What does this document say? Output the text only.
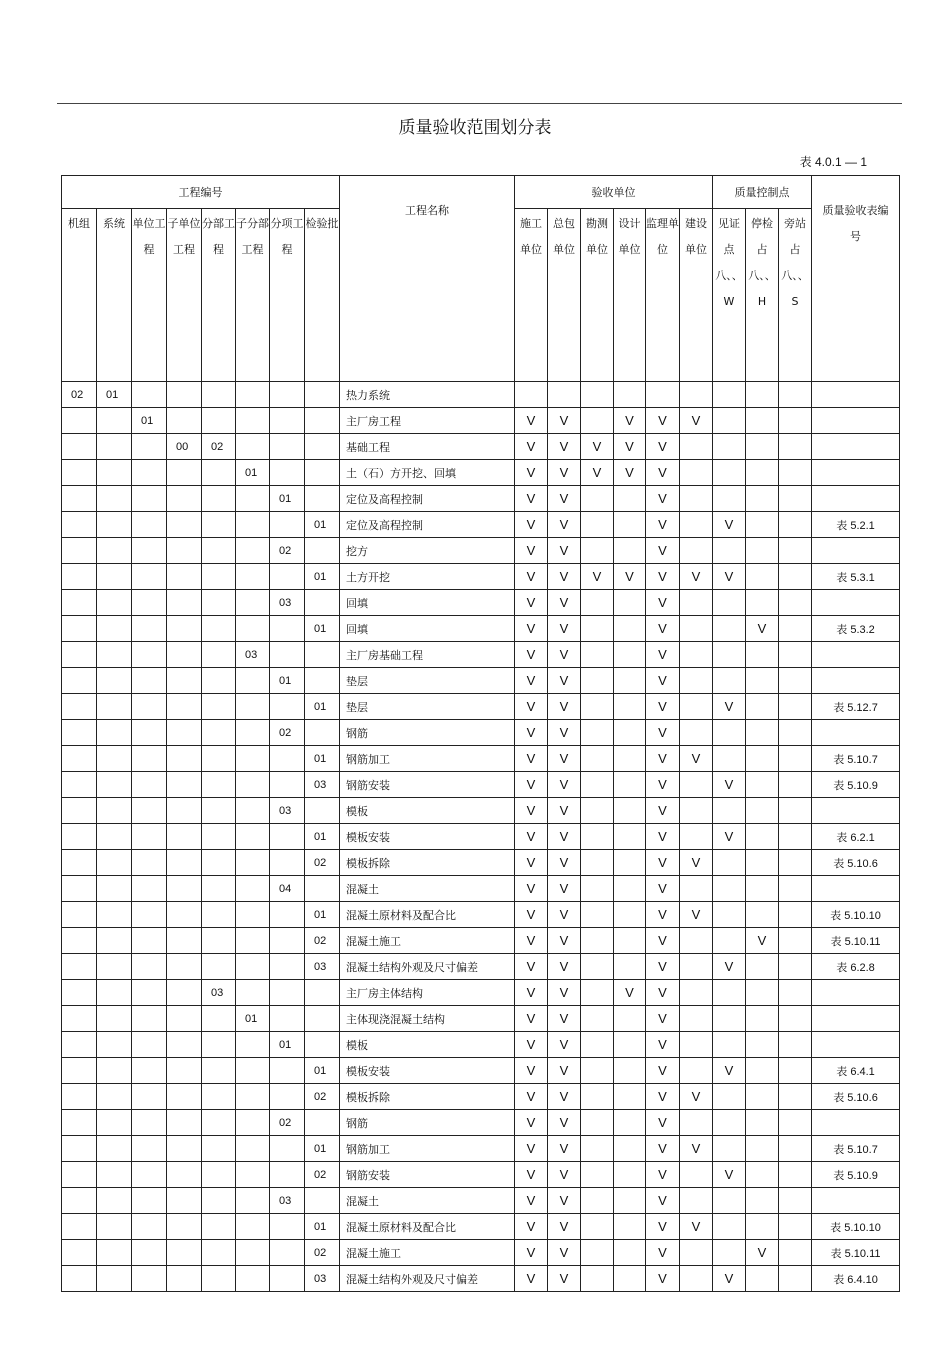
质量验收范围划分表
表 4.0.1 — 1
工程编号								工程名称	验收单位						质量控制点			质量验收表编号
机组	系统	单位工程	子单位工程	分部工程	子分部工程	分项工程	检验批		施工单位	总包单位	勘测单位	设计单位	监理单位	建设单位	见证点八、、W	停检占八、、H	旁站占八、、S	
02	01							热力系统										
		01						主厂房工程	V	V		V	V	V				
			00	02				基础工程	V	V	V	V	V					
					01			土（石）方开挖、回填	V	V	V	V	V					
						01		定位及高程控制	V	V			V					
							01	定位及高程控制	V	V			V		V			表 5.2.1
						02		挖方	V	V			V					
							01	土方开挖	V	V	V	V	V	V	V			表 5.3.1
						03		回填	V	V			V					
							01	回填	V	V			V			V		表 5.3.2
					03			主厂房基础工程	V	V			V					
						01		垫层	V	V			V					
							01	垫层	V	V			V		V			表 5.12.7
						02		钢筋	V	V			V					
							01	钢筋加工	V	V			V	V				表 5.10.7
							03	钢筋安装	V	V			V		V			表 5.10.9
						03		模板	V	V			V					
							01	模板安装	V	V			V		V			表 6.2.1
							02	模板拆除	V	V			V	V				表 5.10.6
						04		混凝土	V	V			V					
							01	混凝土原材料及配合比	V	V			V	V				表 5.10.10
							02	混凝土施工	V	V			V			V		表 5.10.11
							03	混凝土结构外观及尺寸偏差	V	V			V		V			表 6.2.8
				03				主厂房主体结构	V	V		V	V					
					01			主体现浇混凝土结构	V	V			V					
						01		模板	V	V			V					
							01	模板安装	V	V			V		V			表 6.4.1
							02	模板拆除	V	V			V	V				表 5.10.6
						02		钢筋	V	V			V					
							01	钢筋加工	V	V			V	V				表 5.10.7
							02	钢筋安装	V	V			V		V			表 5.10.9
						03		混凝土	V	V			V					
							01	混凝土原材料及配合比	V	V			V	V				表 5.10.10
							02	混凝土施工	V	V			V			V		表 5.10.11
							03	混凝土结构外观及尺寸偏差	V	V			V		V			表 6.4.10
